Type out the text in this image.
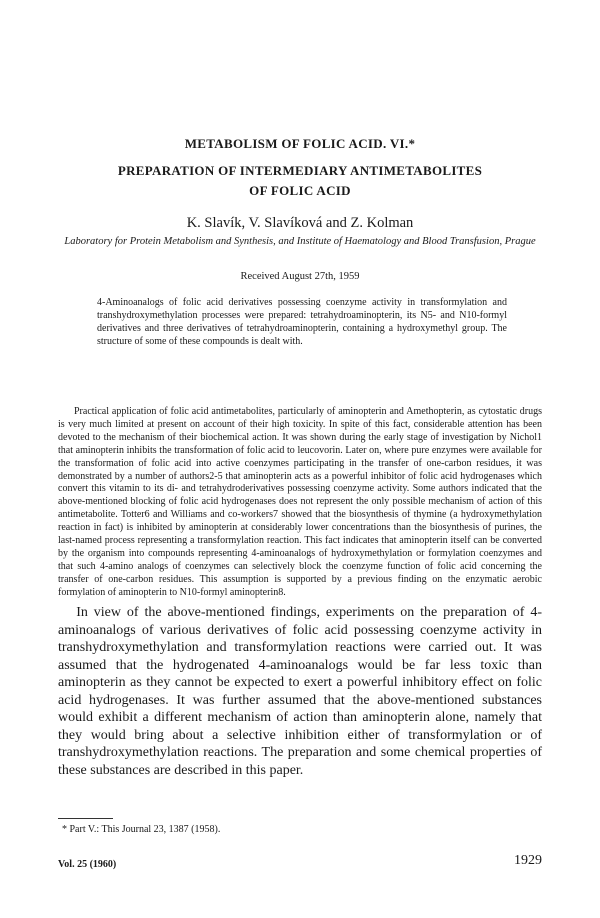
METABOLISM OF FOLIC ACID. VI.*
PREPARATION OF INTERMEDIARY ANTIMETABOLITES
OF FOLIC ACID

K. Slavík, V. Slavíková and Z. Kolman

Laboratory for Protein Metabolism and Synthesis, and Institute of Haematology and Blood Transfusion, Prague

Received August 27th, 1959

4-Aminoanalogs of folic acid derivatives possessing coenzyme activity in transformylation and transhydroxymethylation processes were prepared: tetrahydroaminopterin, its N5- and N10-formyl derivatives and three derivatives of tetrahydroaminopterin, containing a hydroxymethyl group. The structure of some of these compounds is dealt with.

Practical application of folic acid antimetabolites, particularly of aminopterin and Amethopterin, as cytostatic drugs is very much limited at present on account of their high toxicity. In spite of this fact, considerable attention has been devoted to the mechanism of their biochemical action. It was shown during the early stage of investigation by Nichol1 that aminopterin inhibits the transformation of folic acid to leucovorin. Later on, where pure enzymes were available for the transformation of folic acid into active coenzymes participating in the transfer of one-carbon residues, it was demonstrated by a number of authors2-5 that aminopterin acts as a powerful inhibitor of folic acid hydrogenases which convert this vitamin to its di- and tetrahydroderivatives possessing coenzyme activity. Some authors indicated that the above-mentioned blocking of folic acid hydrogenases does not represent the only possible mechanism of action of this antimetabolite. Totter6 and Williams and co-workers7 showed that the biosynthesis of thymine (a hydroxymethylation reaction in fact) is inhibited by aminopterin at considerably lower concentrations than the biosynthesis of purines, the last-named process representing a transformylation reaction. This fact indicates that aminopterin itself can be converted by the organism into compounds representing 4-aminoanalogs of hydroxymethylation or formylation coenzymes and that such 4-amino analogs of coenzymes can selectively block the coenzyme function of folic acid concerning the transfer of one-carbon residues. This assumption is supported by a previous finding on the enzymatic aerobic formylation of aminopterin to N10-formyl aminopterin8.

In view of the above-mentioned findings, experiments on the preparation of 4-aminoanalogs of various derivatives of folic acid possessing coenzyme activity in transhydroxymethylation and transformylation reactions were carried out. It was assumed that the hydrogenated 4-aminoanalogs would be far less toxic than aminopterin as they cannot be expected to exert a powerful inhibitory effect on folic acid hydrogenases. It was further assumed that the above-mentioned substances would exhibit a different mechanism of action than aminopterin alone, namely that they would bring about a selective inhibition either of transformylation or of transhydroxymethylation reactions. The preparation and some chemical properties of these substances are described in this paper.

* Part V.: This Journal 23, 1387 (1958).

Vol. 25 (1960)	1929
